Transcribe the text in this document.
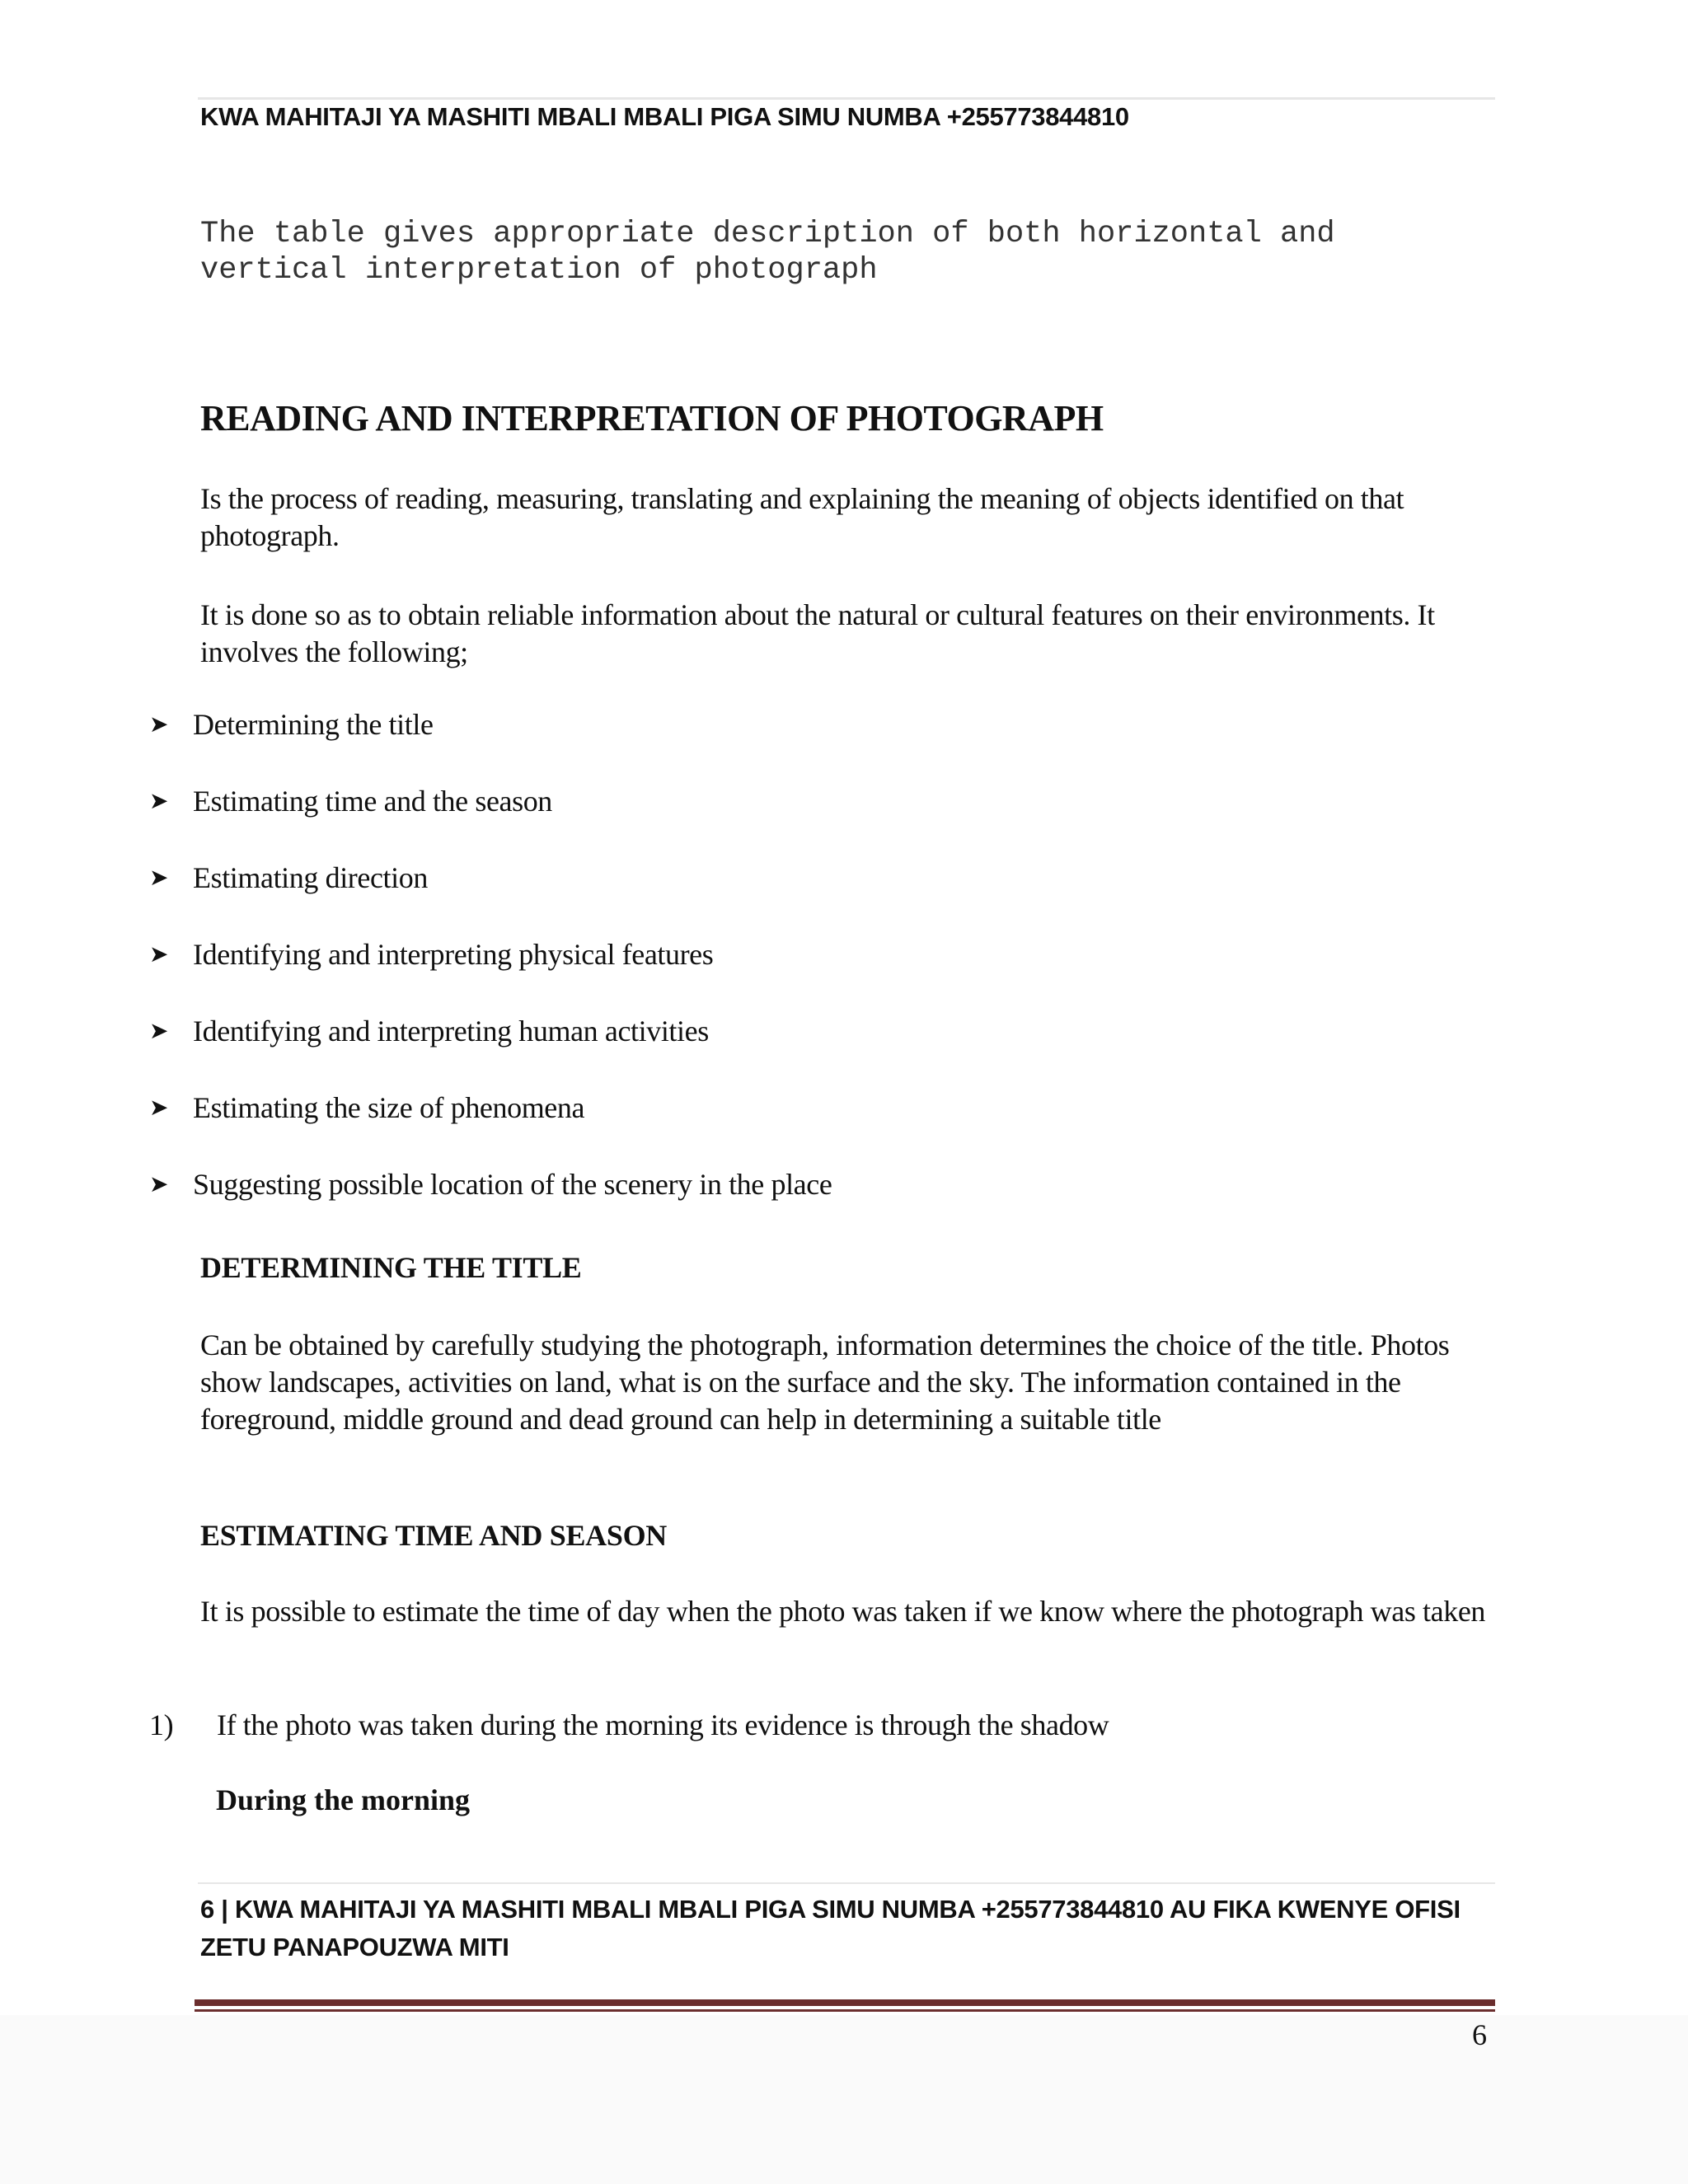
KWA MAHITAJI YA MASHITI MBALI MBALI PIGA SIMU NUMBA +255773844810
The table gives appropriate description of both horizontal and
vertical interpretation of photograph
READING AND INTERPRETATION OF PHOTOGRAPH
Is the process of reading, measuring, translating and explaining the meaning of objects identified on that photograph.
It is done so as to obtain reliable information about the natural or cultural features on their environments. It involves the following;
➤ Determining the title
➤ Estimating time and the season
➤ Estimating direction
➤ Identifying and interpreting physical features
➤ Identifying and interpreting human activities
➤ Estimating the size of phenomena
➤ Suggesting possible location of the scenery in the place
DETERMINING THE TITLE
Can be obtained by carefully studying the photograph, information determines the choice of the title. Photos show landscapes, activities on land, what is on the surface and the sky. The information contained in the foreground, middle ground and dead ground can help in determining a suitable title
ESTIMATING TIME AND SEASON
It is possible to estimate the time of day when the photo was taken if we know where the photograph was taken
1) If the photo was taken during the morning its evidence is through the shadow
During the morning
6 | KWA MAHITAJI YA MASHITI MBALI MBALI PIGA SIMU NUMBA +255773844810 AU FIKA KWENYE OFISI ZETU PANAPOUZWA MITI
6
